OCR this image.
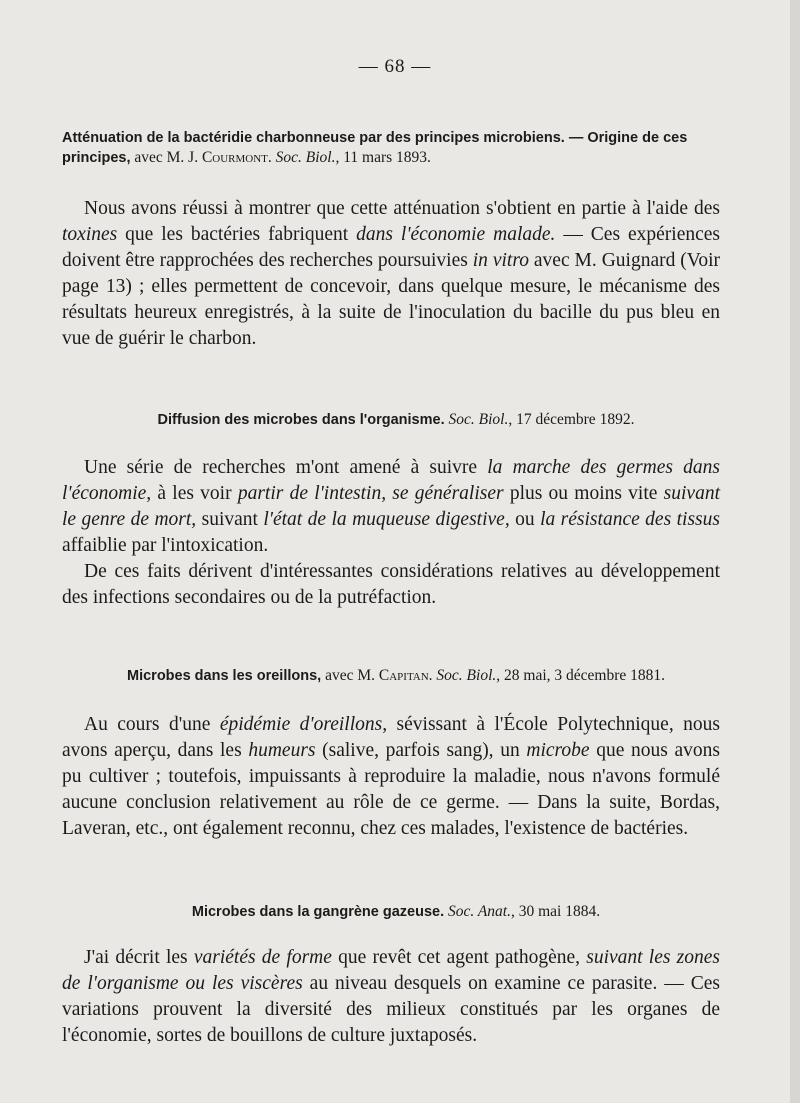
— 68 —
Atténuation de la bactéridie charbonneuse par des principes microbiens. — Origine de ces principes, avec M. J. Courmont. Soc. Biol., 11 mars 1893.

Nous avons réussi à montrer que cette atténuation s'obtient en partie à l'aide des toxines que les bactéries fabriquent dans l'économie malade. — Ces expériences doivent être rapprochées des recherches poursuivies in vitro avec M. Guignard (Voir page 13) ; elles permettent de concevoir, dans quelque mesure, le mécanisme des résultats heureux enregistrés, à la suite de l'inoculation du bacille du pus bleu en vue de guérir le charbon.

Diffusion des microbes dans l'organisme. Soc. Biol., 17 décembre 1892.

Une série de recherches m'ont amené à suivre la marche des germes dans l'économie, à les voir partir de l'intestin, se généraliser plus ou moins vite suivant le genre de mort, suivant l'état de la muqueuse digestive, ou la résistance des tissus affaiblie par l'intoxication.

De ces faits dérivent d'intéressantes considérations relatives au développement des infections secondaires ou de la putréfaction.

Microbes dans les oreillons, avec M. Capitan. Soc. Biol., 28 mai, 3 décembre 1881.

Au cours d'une épidémie d'oreillons, sévissant à l'École Polytechnique, nous avons aperçu, dans les humeurs (salive, parfois sang), un microbe que nous avons pu cultiver ; toutefois, impuissants à reproduire la maladie, nous n'avons formulé aucune conclusion relativement au rôle de ce germe. — Dans la suite, Bordas, Laveran, etc., ont également reconnu, chez ces malades, l'existence de bactéries.

Microbes dans la gangrène gazeuse. Soc. Anat., 30 mai 1884.

J'ai décrit les variétés de forme que revêt cet agent pathogène, suivant les zones de l'organisme ou les viscères au niveau desquels on examine ce parasite. — Ces variations prouvent la diversité des milieux constitués par les organes de l'économie, sortes de bouillons de culture juxtaposés.
